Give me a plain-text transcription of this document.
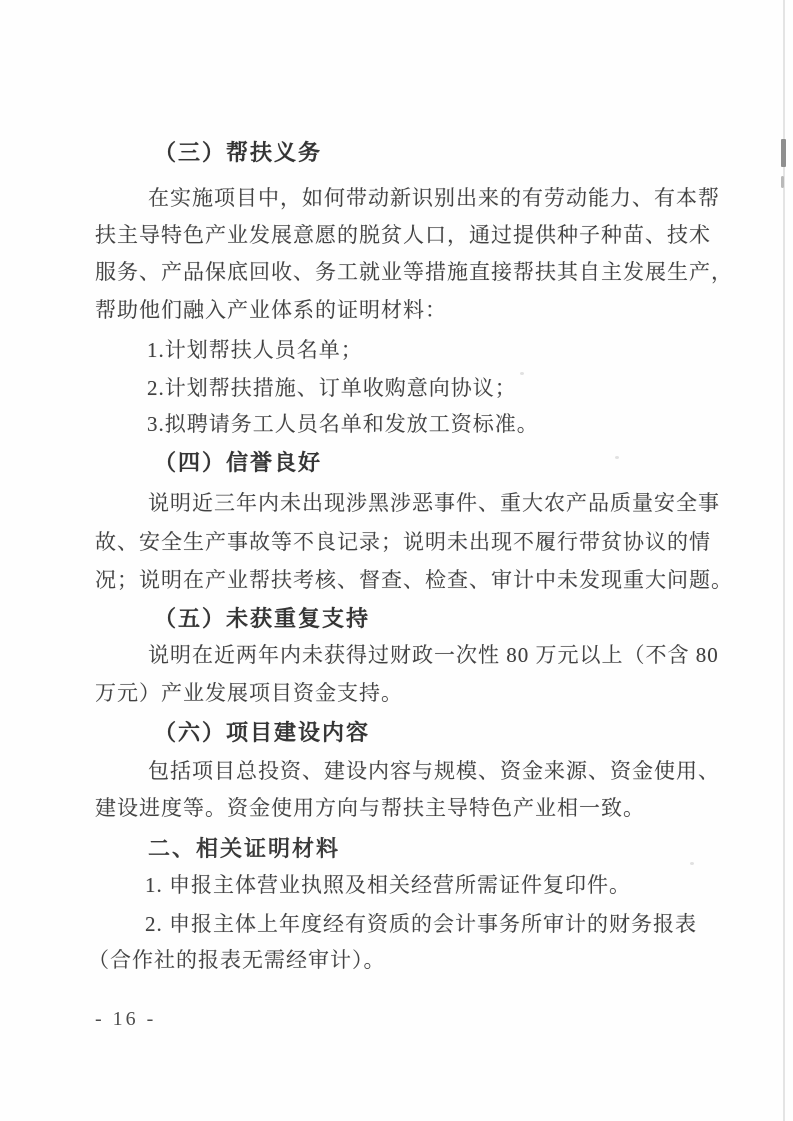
（三）帮扶义务
在实施项目中，如何带动新识别出来的有劳动能力、有本帮
扶主导特色产业发展意愿的脱贫人口，通过提供种子种苗、技术
服务、产品保底回收、务工就业等措施直接帮扶其自主发展生产，
帮助他们融入产业体系的证明材料：
1.计划帮扶人员名单；
2.计划帮扶措施、订单收购意向协议；
3.拟聘请务工人员名单和发放工资标准。
（四）信誉良好
说明近三年内未出现涉黑涉恶事件、重大农产品质量安全事
故、安全生产事故等不良记录；说明未出现不履行带贫协议的情
况；说明在产业帮扶考核、督查、检查、审计中未发现重大问题。
（五）未获重复支持
说明在近两年内未获得过财政一次性 80 万元以上（不含 80
万元）产业发展项目资金支持。
（六）项目建设内容
包括项目总投资、建设内容与规模、资金来源、资金使用、
建设进度等。资金使用方向与帮扶主导特色产业相一致。
二、相关证明材料
1. 申报主体营业执照及相关经营所需证件复印件。
2. 申报主体上年度经有资质的会计事务所审计的财务报表
（合作社的报表无需经审计）。
- 16 -
